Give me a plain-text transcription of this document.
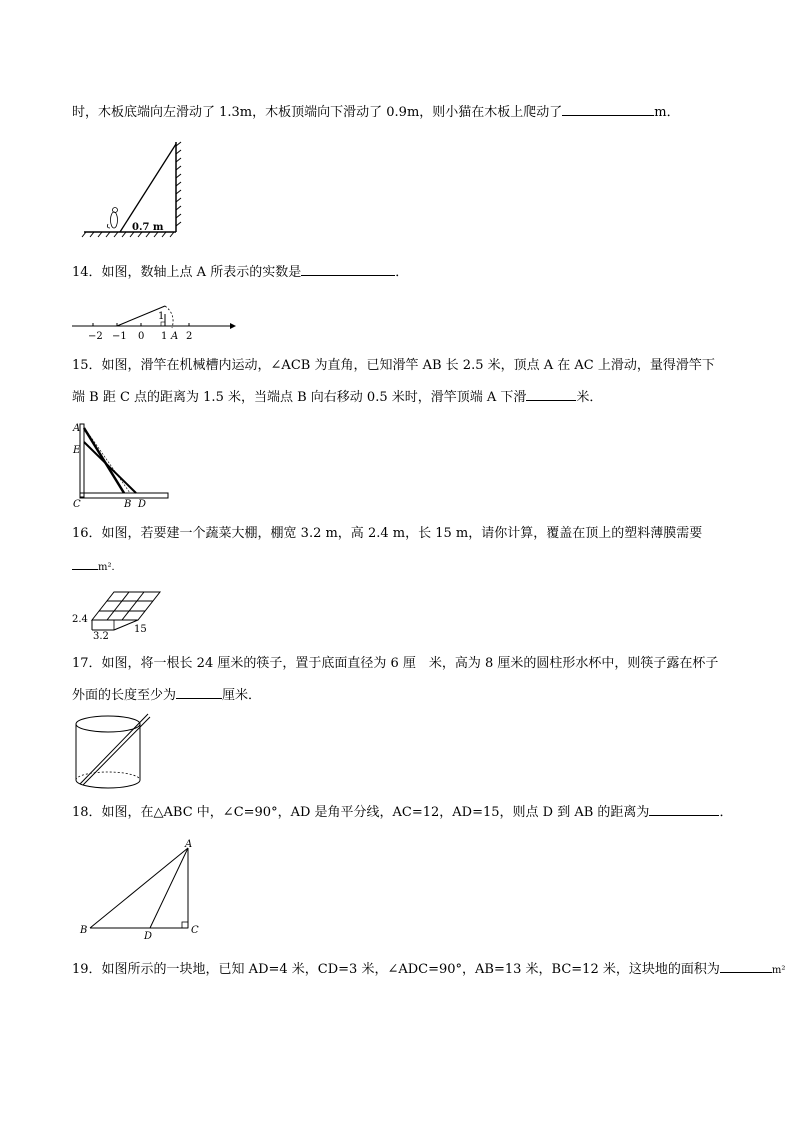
时，木板底端向左滑动了 1.3m，木板顶端向下滑动了 0.9m，则小猫在木板上爬动了	m．
0.7 m
14．如图，数轴上点 A 所表示的实数是	．
−2 −1 0 1 2
1
A
15．如图，滑竿在机械槽内运动，∠ACB 为直角，已知滑竿 AB 长 2.5 米，顶点 A 在 AC 上滑动，量得滑竿下
端 B 距 C 点的距离为 1.5 米，当端点 B 向右移动 0.5 米时，滑竿顶端 A 下滑	米．
A
E
C	B D
16．如图，若要建一个蔬菜大棚，棚宽 3.2 m，高 2.4 m，长 15 m，请你计算，覆盖在顶上的塑料薄膜需要
m²．
2.4
3.2
15
17．如图，将一根长 24 厘米的筷子，置于底面直径为 6 厘　米，高为 8 厘米的圆柱形水杯中，则筷子露在杯子
外面的长度至少为	厘米．
18．如图，在△ABC 中，∠C=90°，AD 是角平分线，AC=12，AD=15，则点 D 到 AB 的距离为	．
A
B	C
D
19．如图所示的一块地，已知 AD=4 米，CD=3 米，∠ADC=90°，AB=13 米，BC=12 米，这块地的面积为	m²
